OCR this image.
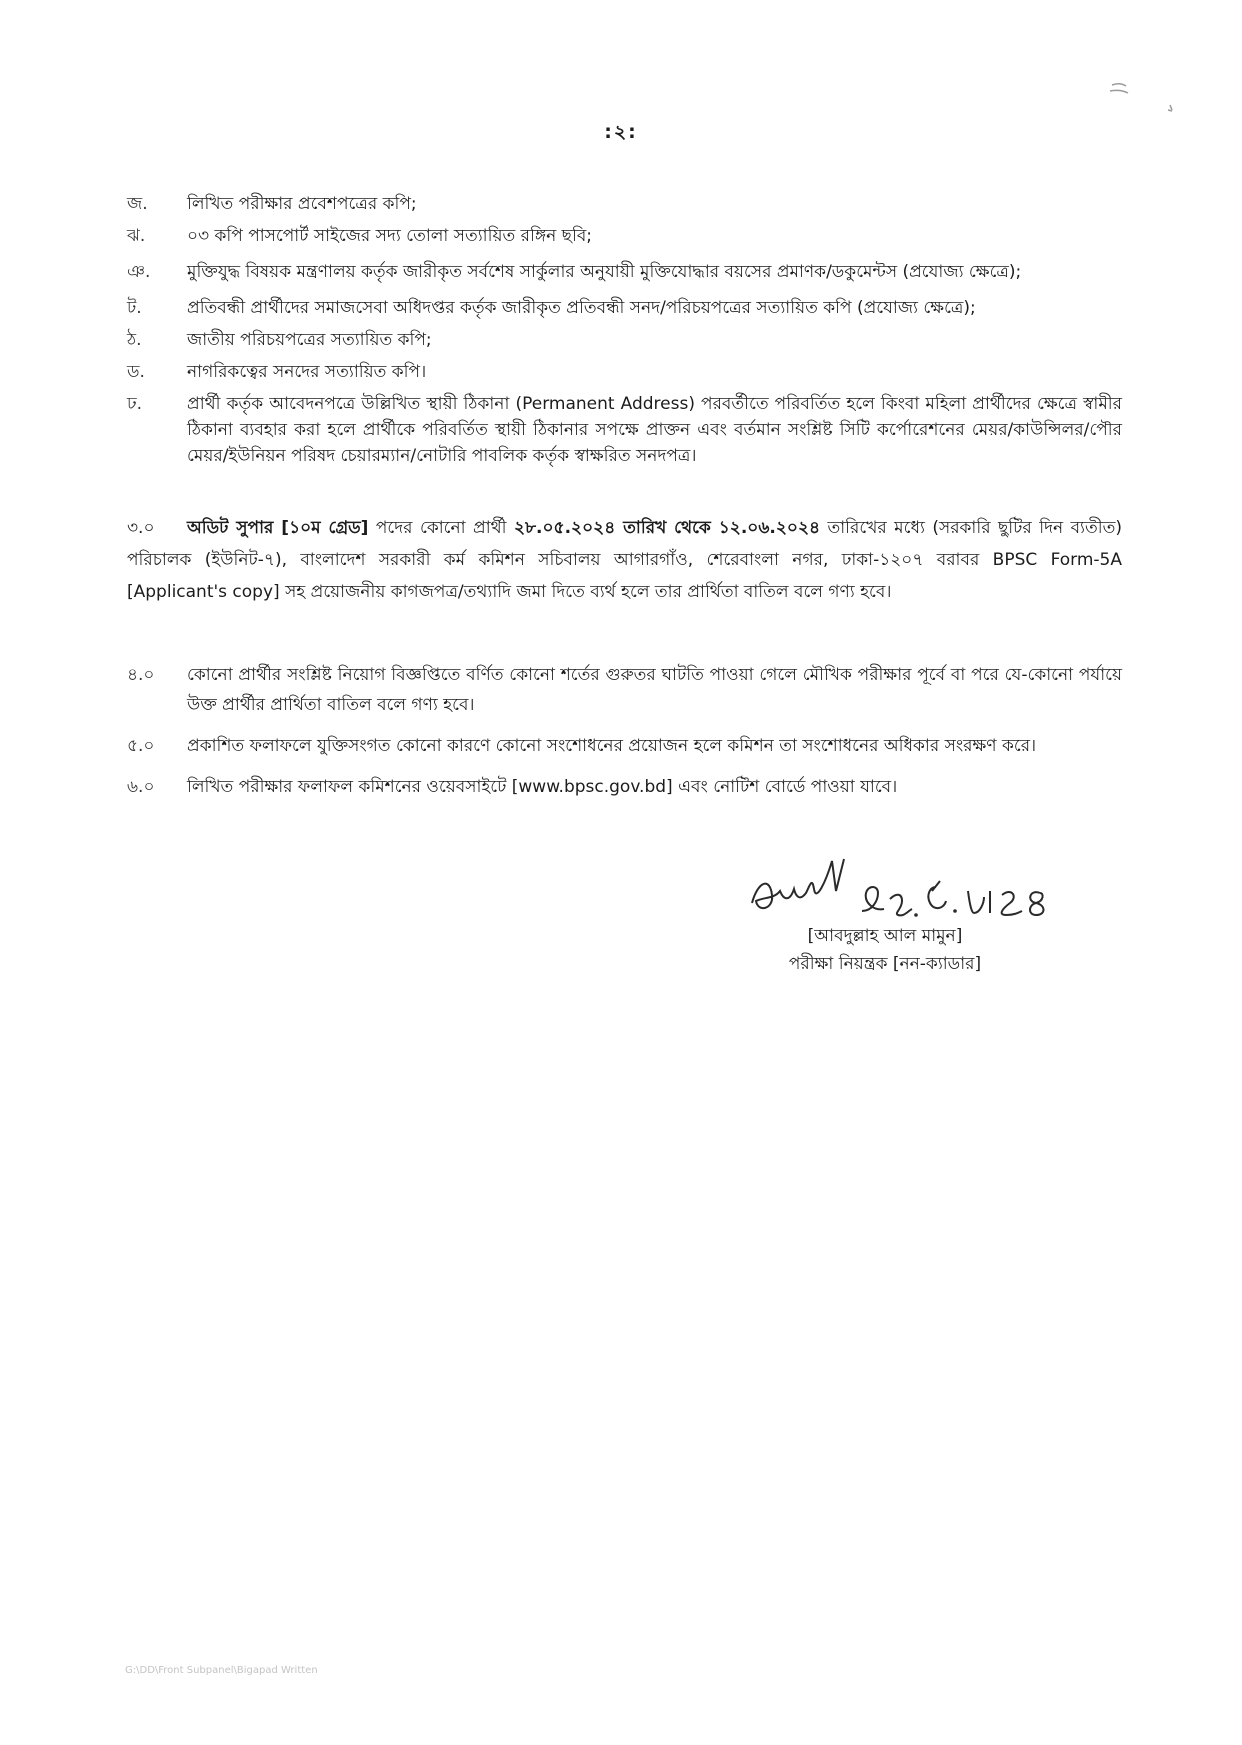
:২:
জ.	লিখিত পরীক্ষার প্রবেশপত্রের কপি;
ঝ.	০৩ কপি পাসপোর্ট সাইজের সদ্য তোলা সত্যায়িত রঙ্গিন ছবি;
ঞ.	মুক্তিযুদ্ধ বিষয়ক মন্ত্রণালয় কর্তৃক জারীকৃত সর্বশেষ সার্কুলার অনুযায়ী মুক্তিযোদ্ধার বয়সের প্রমাণক/ডকুমেন্টস (প্রযোজ্য ক্ষেত্রে);
ট.	প্রতিবন্ধী প্রার্থীদের সমাজসেবা অধিদপ্তর কর্তৃক জারীকৃত প্রতিবন্ধী সনদ/পরিচয়পত্রের সত্যায়িত কপি (প্রযোজ্য ক্ষেত্রে);
ঠ.	জাতীয় পরিচয়পত্রের সত্যায়িত কপি;
ড.	নাগরিকত্বের সনদের সত্যায়িত কপি।
ঢ.	প্রার্থী কর্তৃক আবেদনপত্রে উল্লিখিত স্থায়ী ঠিকানা (Permanent Address) পরবর্তীতে পরিবর্তিত হলে কিংবা মহিলা প্রার্থীদের ক্ষেত্রে স্বামীর ঠিকানা ব্যবহার করা হলে প্রার্থীকে পরিবর্তিত স্থায়ী ঠিকানার সপক্ষে প্রাক্তন এবং বর্তমান সংশ্লিষ্ট সিটি কর্পোরেশনের মেয়র/কাউন্সিলর/পৌর মেয়র/ইউনিয়ন পরিষদ চেয়ারম্যান/নোটারি পাবলিক কর্তৃক স্বাক্ষরিত সনদপত্র।
৩.০ অডিট সুপার [১০ম গ্রেড] পদের কোনো প্রার্থী ২৮.০৫.২০২৪ তারিখ থেকে ১২.০৬.২০২৪ তারিখের মধ্যে (সরকারি ছুটির দিন ব্যতীত) পরিচালক (ইউনিট-৭), বাংলাদেশ সরকারী কর্ম কমিশন সচিবালয় আগারগাঁও, শেরেবাংলা নগর, ঢাকা-১২০৭ বরাবর BPSC Form-5A [Applicant's copy] সহ প্রয়োজনীয় কাগজপত্র/তথ্যাদি জমা দিতে ব্যর্থ হলে তার প্রার্থিতা বাতিল বলে গণ্য হবে।
৪.০	কোনো প্রার্থীর সংশ্লিষ্ট নিয়োগ বিজ্ঞপ্তিতে বর্ণিত কোনো শর্তের গুরুতর ঘাটতি পাওয়া গেলে মৌখিক পরীক্ষার পূর্বে বা পরে যে-কোনো পর্যায়ে উক্ত প্রার্থীর প্রার্থিতা বাতিল বলে গণ্য হবে।
৫.০	প্রকাশিত ফলাফলে যুক্তিসংগত কোনো কারণে কোনো সংশোধনের প্রয়োজন হলে কমিশন তা সংশোধনের অধিকার সংরক্ষণ করে।
৬.০	লিখিত পরীক্ষার ফলাফল কমিশনের ওয়েবসাইটে [www.bpsc.gov.bd] এবং নোটিশ বোর্ডে পাওয়া যাবে।
[আবদুল্লাহ আল মামুন]
পরীক্ষা নিয়ন্ত্রক [নন-ক্যাডার]
G:\DD\Front Subpanel\Bigapad Written
